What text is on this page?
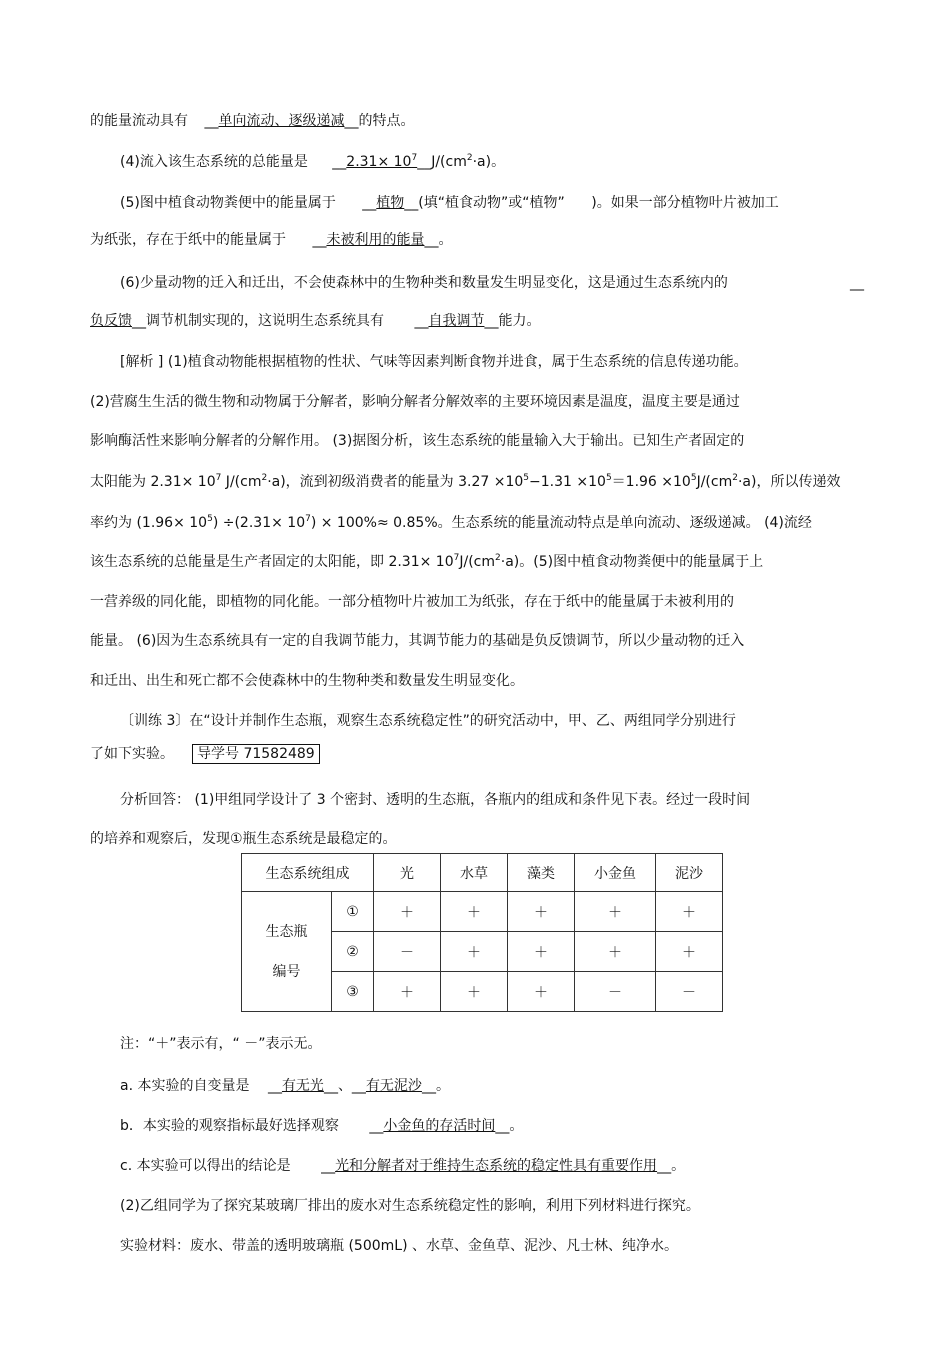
的能量流动具有 __单向流动、逐级递减__的特点。
(4)流入该生态系统的总能量是 __2.31× $10^7\_\_J/(cm^2\cdot a)$。
(5)图中植食动物粪便中的能量属于 __植物__(填“植食动物”或“植物” )。如果一部分植物叶片被加工
为纸张，存在于纸中的能量属于 __未被利用的能量__。
(6)少量动物的迁入和迁出，不会使森林中的生物种类和数量发生明显变化，这是通过生态系统内的	__
负反馈__调节机制实现的，这说明生态系统具有 __自我调节__能力。
[解析 ] (1)植食动物能根据植物的性状、气味等因素判断食物并进食，属于生态系统的信息传递功能。
(2)营腐生生活的微生物和动物属于分解者，影响分解者分解效率的主要环境因素是温度，温度主要是通过
影响酶活性来影响分解者的分解作用。 (3)据图分析，该生态系统的能量输入大于输出。已知生产者固定的
太阳能为 $2.31\times 10^7$ $J/(cm^2\cdot a)$，流到初级消费者的能量为 $3.27 \times 10^5-1.31 \times 10^5=1.96 \times 10^5J/(cm^2\cdot a)$，所以传递效
率约为 $(1.96\times 10^5) \div(2.31\times 10^7) \times 100\%\approx 0.85\%$。生态系统的能量流动特点是单向流动、逐级递减。 (4)流经
该生态系统的总能量是生产者固定的太阳能，即 $2.31\times 10^7J/(cm^2\cdot a)$。(5)图中植食动物粪便中的能量属于上
一营养级的同化能，即植物的同化能。一部分植物叶片被加工为纸张，存在于纸中的能量属于未被利用的
能量。 (6)因为生态系统具有一定的自我调节能力，其调节能力的基础是负反馈调节，所以少量动物的迁入
和迁出、出生和死亡都不会使森林中的生物种类和数量发生明显变化。
〔训练 3〕在“设计并制作生态瓶，观察生态系统稳定性”的研究活动中，甲、乙、两组同学分别进行
了如下实验。 导学号 71582489
分析回答： (1)甲组同学设计了 3 个密封、透明的生态瓶，各瓶内的组成和条件见下表。经过一段时间
的培养和观察后，发现①瓶生态系统是最稳定的。
生态系统组成		光	水草	藻类	小金鱼	泥沙

生态瓶
编号	①	＋	＋	＋	＋	＋
	②	－	＋	＋	＋	＋
	③	＋	＋	＋	－	－
注：“＋”表示有，“ －”表示无。
a. 本实验的自变量是 __有无光__、__有无泥沙__。
b．本实验的观察指标最好选择观察 __小金鱼的存活时间__。
c. 本实验可以得出的结论是 __光和分解者对于维持生态系统的稳定性具有重要作用__。
(2)乙组同学为了探究某玻璃厂排出的废水对生态系统稳定性的影响，利用下列材料进行探究。
实验材料：废水、带盖的透明玻璃瓶 (500mL) 、水草、金鱼草、泥沙、凡士林、纯净水。
